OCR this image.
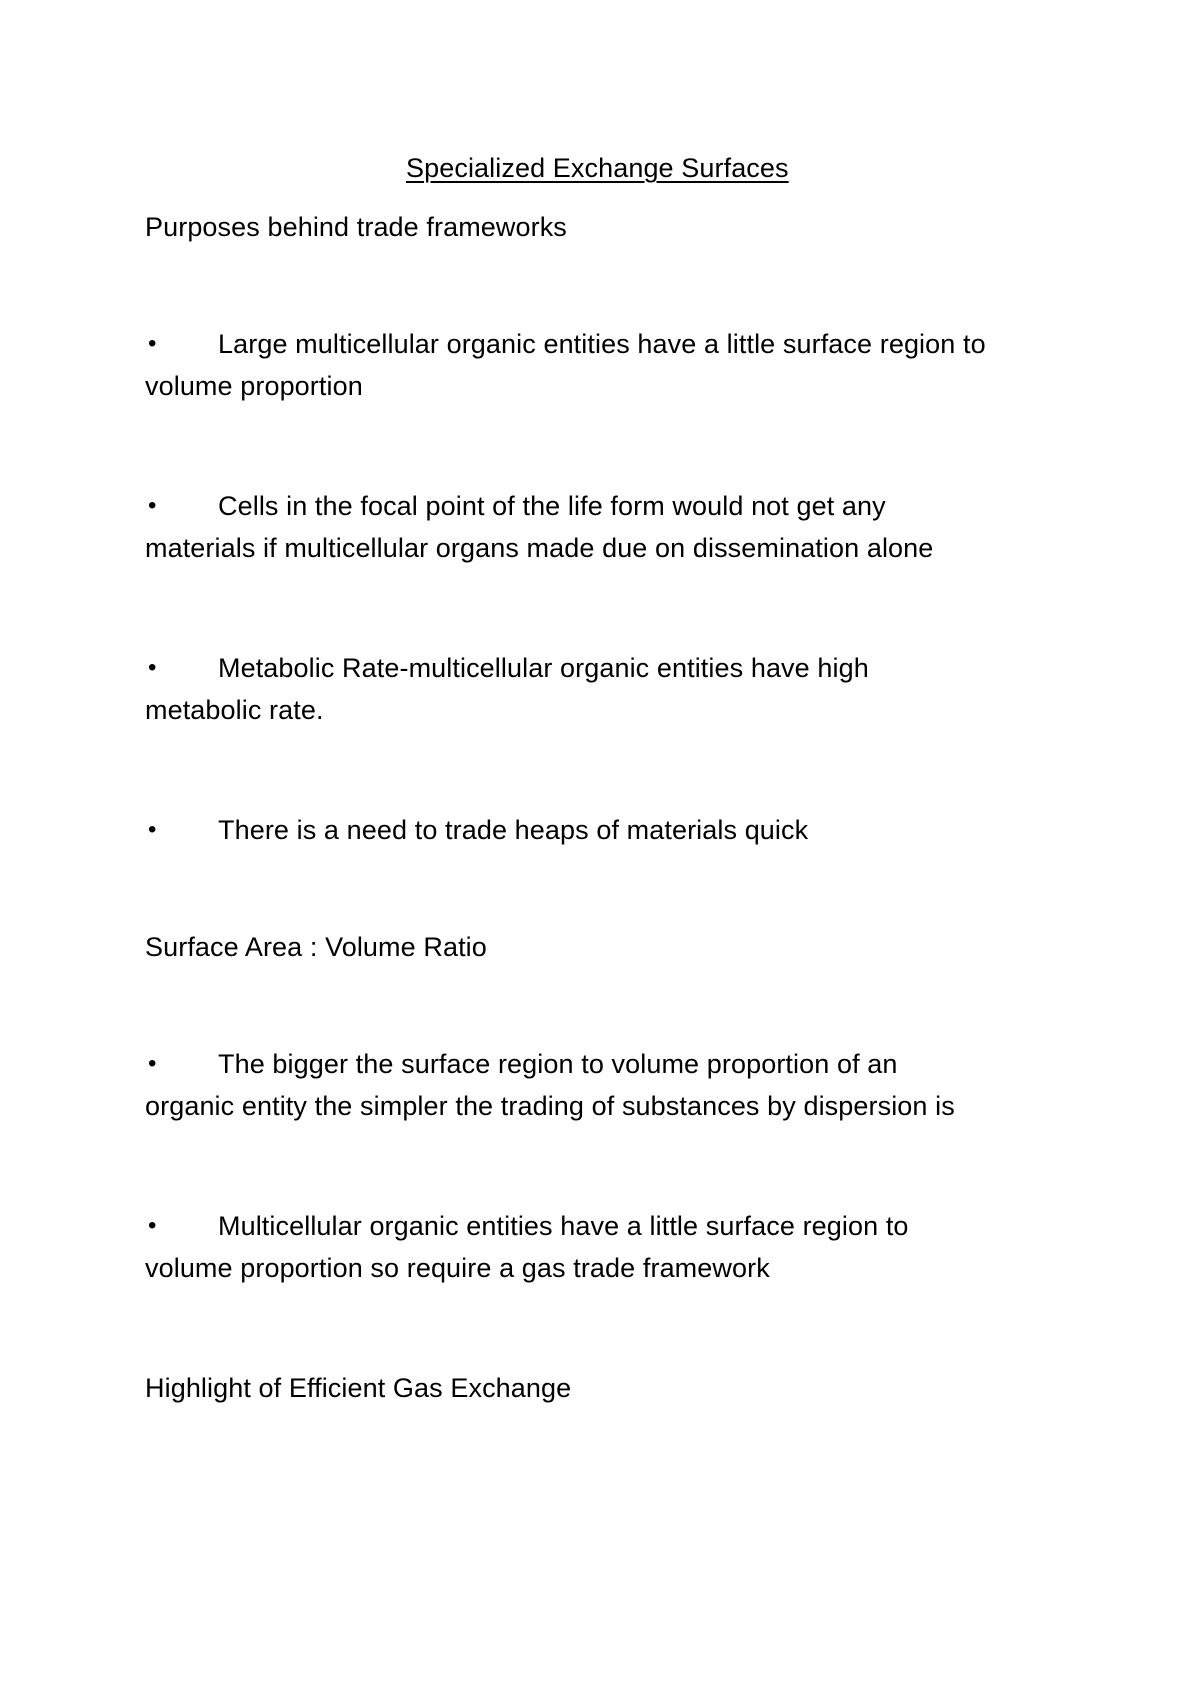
Specialized Exchange Surfaces
Purposes behind trade frameworks
• Large multicellular organic entities have a little surface region to
volume proportion
• Cells in the focal point of the life form would not get any
materials if multicellular organs made due on dissemination alone
• Metabolic Rate-multicellular organic entities have high
metabolic rate.
• There is a need to trade heaps of materials quick
Surface Area : Volume Ratio
• The bigger the surface region to volume proportion of an
organic entity the simpler the trading of substances by dispersion is
• Multicellular organic entities have a little surface region to
volume proportion so require a gas trade framework
Highlight of Efficient Gas Exchange
